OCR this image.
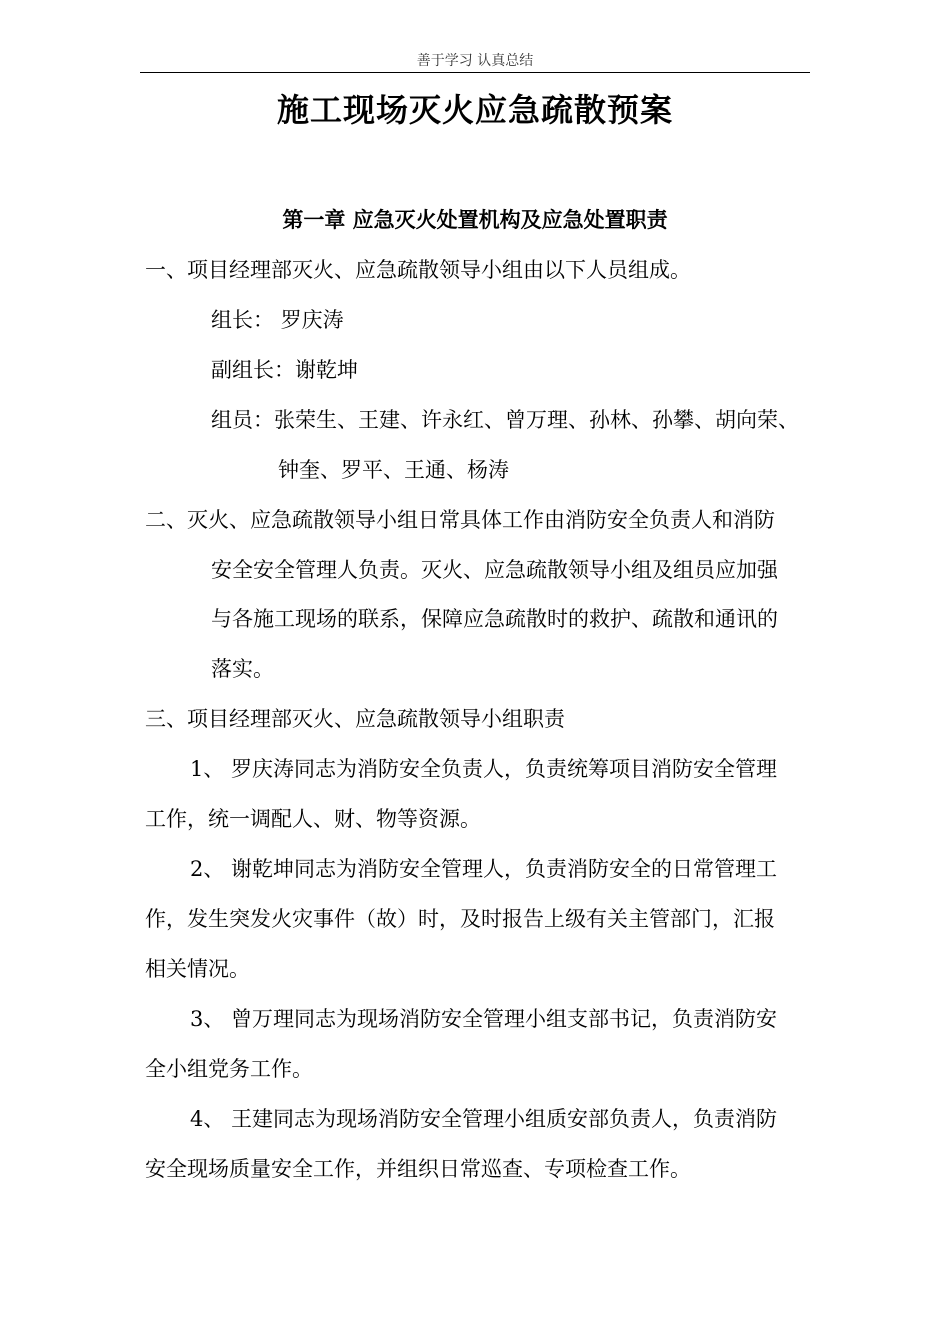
善于学习 认真总结
施工现场灭火应急疏散预案
第一章 应急灭火处置机构及应急处置职责
一、项目经理部灭火、应急疏散领导小组由以下人员组成。
组长： 罗庆涛
副组长：谢乾坤
组员：张荣生、王建、许永红、曾万理、孙林、孙攀、胡向荣、
钟奎、罗平、王通、杨涛
二、灭火、应急疏散领导小组日常具体工作由消防安全负责人和消防
安全安全管理人负责。灭火、应急疏散领导小组及组员应加强
与各施工现场的联系，保障应急疏散时的救护、疏散和通讯的
落实。
三、项目经理部灭火、应急疏散领导小组职责
1、 罗庆涛同志为消防安全负责人，负责统筹项目消防安全管理
工作，统一调配人、财、物等资源。
2、 谢乾坤同志为消防安全管理人，负责消防安全的日常管理工
作，发生突发火灾事件（故）时，及时报告上级有关主管部门，汇报
相关情况。
3、 曾万理同志为现场消防安全管理小组支部书记，负责消防安
全小组党务工作。
4、 王建同志为现场消防安全管理小组质安部负责人，负责消防
安全现场质量安全工作，并组织日常巡查、专项检查工作。
